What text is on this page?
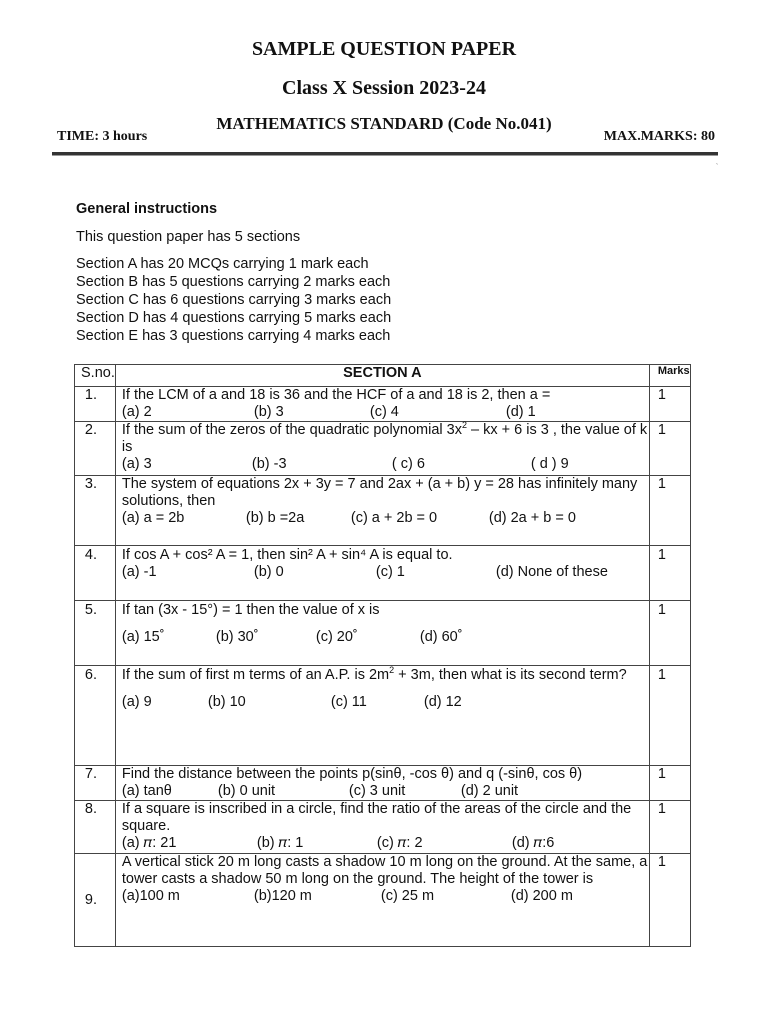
SAMPLE QUESTION PAPER
Class X Session 2023-24
MATHEMATICS STANDARD (Code No.041)
TIME: 3 hours	MAX.MARKS: 80
ˎ

General instructions

This question paper has 5 sections

Section A has 20 MCQs carrying 1 mark each

Section B has 5 questions carrying 2 marks each

Section C has 6 questions carrying 3 marks each

Section D has 4 questions carrying 5 marks each

Section E has 3 questions carrying 4 marks each

S.no.	SECTION A	Marks
1.	If the LCM of a and 18 is 36 and the HCF of a and 18 is 2, then a =
(a) 2 (b) 3 (c) 4 (d) 1	1
2.	If the sum of the zeros of the quadratic polynomial $3x^2$ – kx + 6 is 3 , the value of k is
(a) 3 (b) -3 ( c) 6 ( d ) 9	1
3.	The system of equations 2x + 3y = 7 and 2ax + (a + b) y = 28 has infinitely many solutions, then
(a) a = 2b (b) b =2a (c) a + 2b = 0 (d) 2a + b = 0	1
4.	If cos A + cos² A = 1, then sin² A + sin⁴ A is equal to.
(a) -1 (b) 0 (c) 1 (d) None of these	1
5.	If tan (3x - 15°) = 1 then the value of x is
(a) 15˚ (b) 30˚ (c) 20˚ (d) 60˚	1
6.	If the sum of first m terms of an A.P. is $2m^2 + 3m$, then what is its second term?
(a) 9 (b) 10 (c) 11 (d) 12	1
7.	Find the distance between the points p(sinθ, -cos θ) and q (-sinθ, cos θ)
(a) tanθ (b) 0 unit (c) 3 unit (d) 2 unit	1
8.	If a square is inscribed in a circle, find the ratio of the areas of the circle and the square.
(a) 𝜋: 21 (b) 𝜋: 1 (c) 𝜋: 2 (d) 𝜋:6	1
9.	A vertical stick 20 m long casts a shadow 10 m long on the ground. At the same, a tower casts a shadow 50 m long on the ground. The height of the tower is
(a)100 m (b)120 m (c) 25 m (d) 200 m	1
